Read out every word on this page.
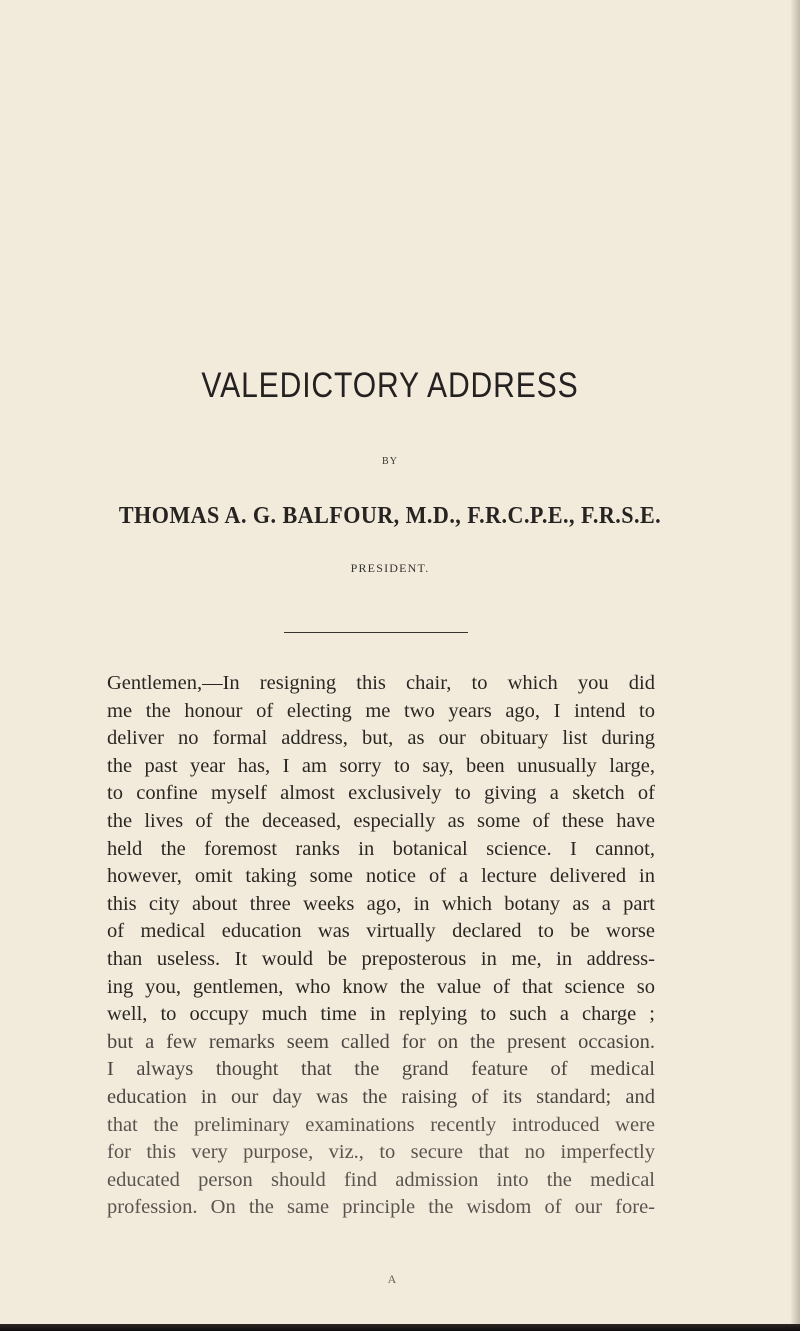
VALEDICTORY ADDRESS
BY
THOMAS A. G. BALFOUR, M.D., F.R.C.P.E., F.R.S.E.
PRESIDENT.
Gentlemen,—In resigning this chair, to which you did
me the honour of electing me two years ago, I intend to
deliver no formal address, but, as our obituary list during
the past year has, I am sorry to say, been unusually large,
to confine myself almost exclusively to giving a sketch of
the lives of the deceased, especially as some of these have
held the foremost ranks in botanical science. I cannot,
however, omit taking some notice of a lecture delivered in
this city about three weeks ago, in which botany as a part
of medical education was virtually declared to be worse
than useless. It would be preposterous in me, in address-
ing you, gentlemen, who know the value of that science so
well, to occupy much time in replying to such a charge ;
but a few remarks seem called for on the present occasion.
I always thought that the grand feature of medical
education in our day was the raising of its standard; and
that the preliminary examinations recently introduced were
for this very purpose, viz., to secure that no imperfectly
educated person should find admission into the medical
profession. On the same principle the wisdom of our fore-
A
